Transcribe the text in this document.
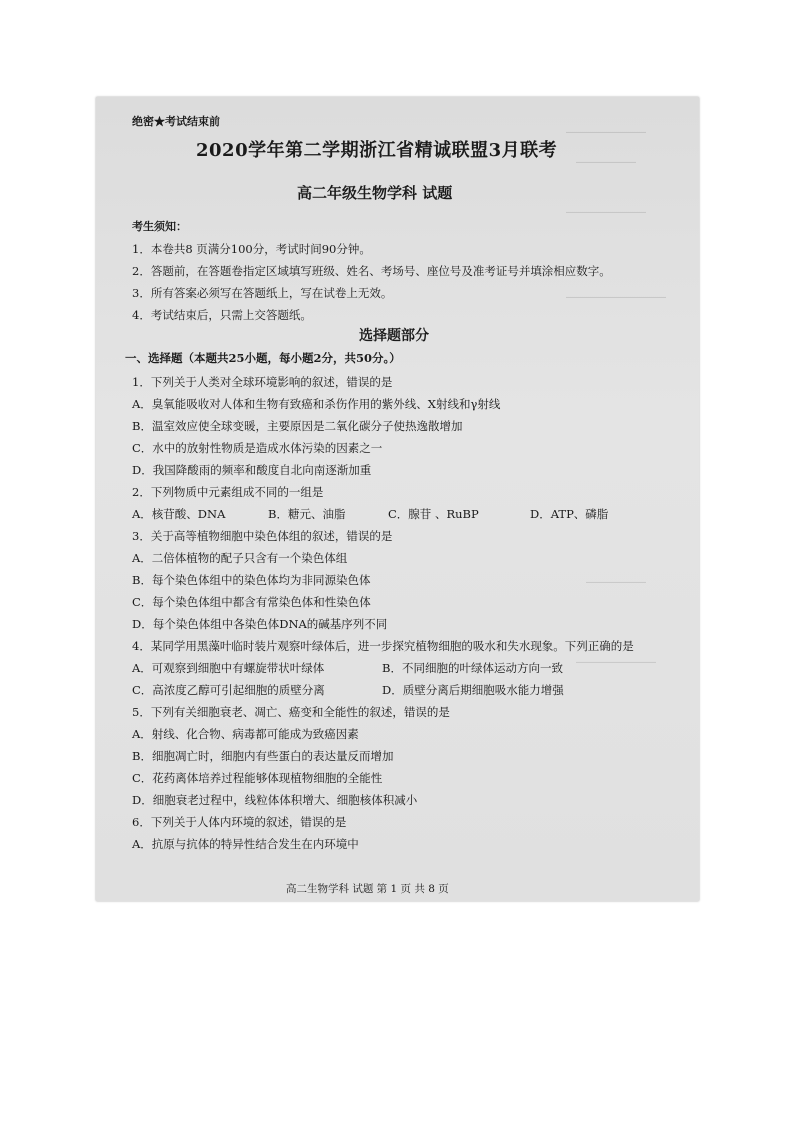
――――――――
――――――
――――――――
――――――――――
――――――
――――――――
绝密★考试结束前
2020学年第二学期浙江省精诚联盟3月联考
高二年级生物学科 试题
考生须知：
1．本卷共8 页满分100分，考试时间90分钟。
2．答题前，在答题卷指定区域填写班级、姓名、考场号、座位号及准考证号并填涂相应数字。
3．所有答案必须写在答题纸上，写在试卷上无效。
4．考试结束后，只需上交答题纸。
选择题部分
一、选择题（本题共25小题，每小题2分，共50分。）
1．下列关于人类对全球环境影响的叙述，错误的是
A．臭氧能吸收对人体和生物有致癌和杀伤作用的紫外线、X射线和γ射线
B．温室效应使全球变暖，主要原因是二氧化碳分子使热逸散增加
C．水中的放射性物质是造成水体污染的因素之一
D．我国降酸雨的频率和酸度自北向南逐渐加重
2．下列物质中元素组成不同的一组是
A．核苷酸、DNA	B．糖元、油脂	C．腺苷 、RuBP	D．ATP、磷脂
3．关于高等植物细胞中染色体组的叙述，错误的是
A．二倍体植物的配子只含有一个染色体组
B．每个染色体组中的染色体均为非同源染色体
C．每个染色体组中都含有常染色体和性染色体
D．每个染色体组中各染色体DNA的碱基序列不同
4．某同学用黑藻叶临时装片观察叶绿体后，进一步探究植物细胞的吸水和失水现象。下列正确的是
A．可观察到细胞中有螺旋带状叶绿体	B．不同细胞的叶绿体运动方向一致
C．高浓度乙醇可引起细胞的质壁分离	D．质壁分离后期细胞吸水能力增强
5．下列有关细胞衰老、凋亡、癌变和全能性的叙述，错误的是
A．射线、化合物、病毒都可能成为致癌因素
B．细胞凋亡时，细胞内有些蛋白的表达量反而增加
C．花药离体培养过程能够体现植物细胞的全能性
D．细胞衰老过程中，线粒体体积增大、细胞核体积减小
6．下列关于人体内环境的叙述，错误的是
A．抗原与抗体的特异性结合发生在内环境中
高二生物学科 试题 第 1 页 共 8 页
